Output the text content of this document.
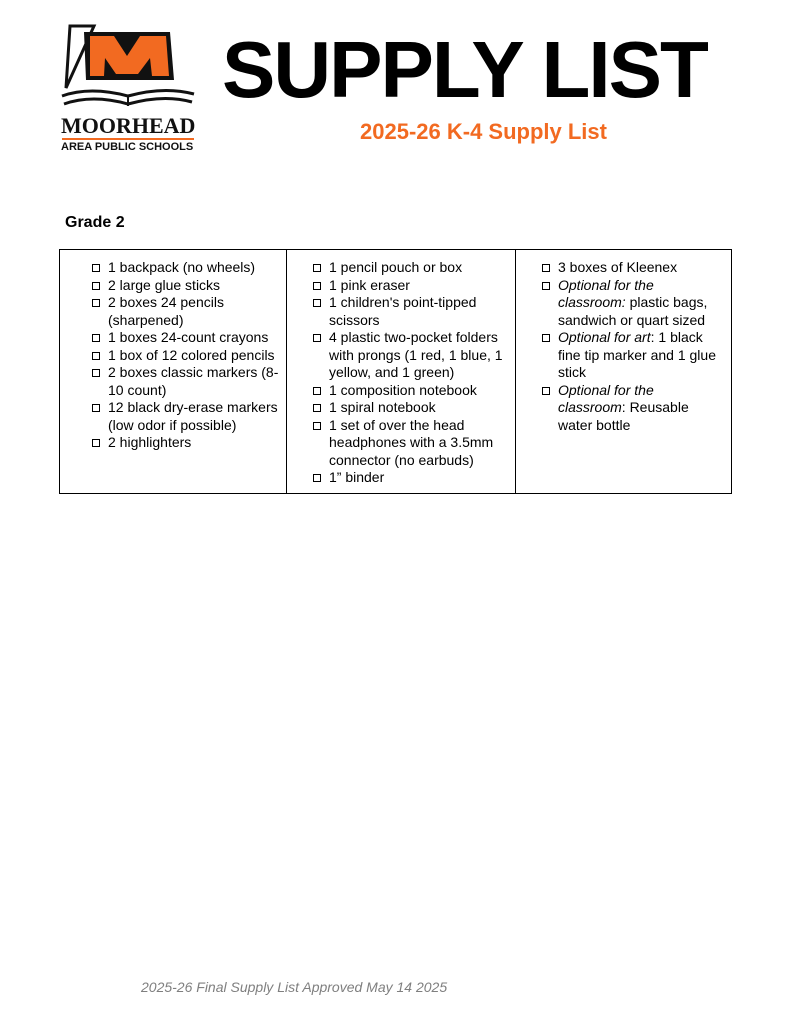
MOORHEAD
AREA PUBLIC SCHOOLS
SUPPLY LIST
2025-26 K-4 Supply List
Grade 2
1 backpack (no wheels)
2 large glue sticks
2 boxes 24 pencils (sharpened)
1 boxes 24-count crayons
1 box of 12 colored pencils
2 boxes classic markers (8-10 count)
12 black dry-erase markers (low odor if possible)
2 highlighters

1 pencil pouch or box
1 pink eraser
1 children's point-tipped scissors
4 plastic two-pocket folders with prongs (1 red, 1 blue, 1 yellow, and 1 green)
1 composition notebook
1 spiral notebook
1 set of over the head headphones with a 3.5mm connector (no earbuds)
1” binder

3 boxes of Kleenex
Optional for the classroom: plastic bags, sandwich or quart sized
Optional for art: 1 black fine tip marker and 1 glue stick
Optional for the classroom: Reusable water bottle
2025-26 Final Supply List Approved May 14 2025
